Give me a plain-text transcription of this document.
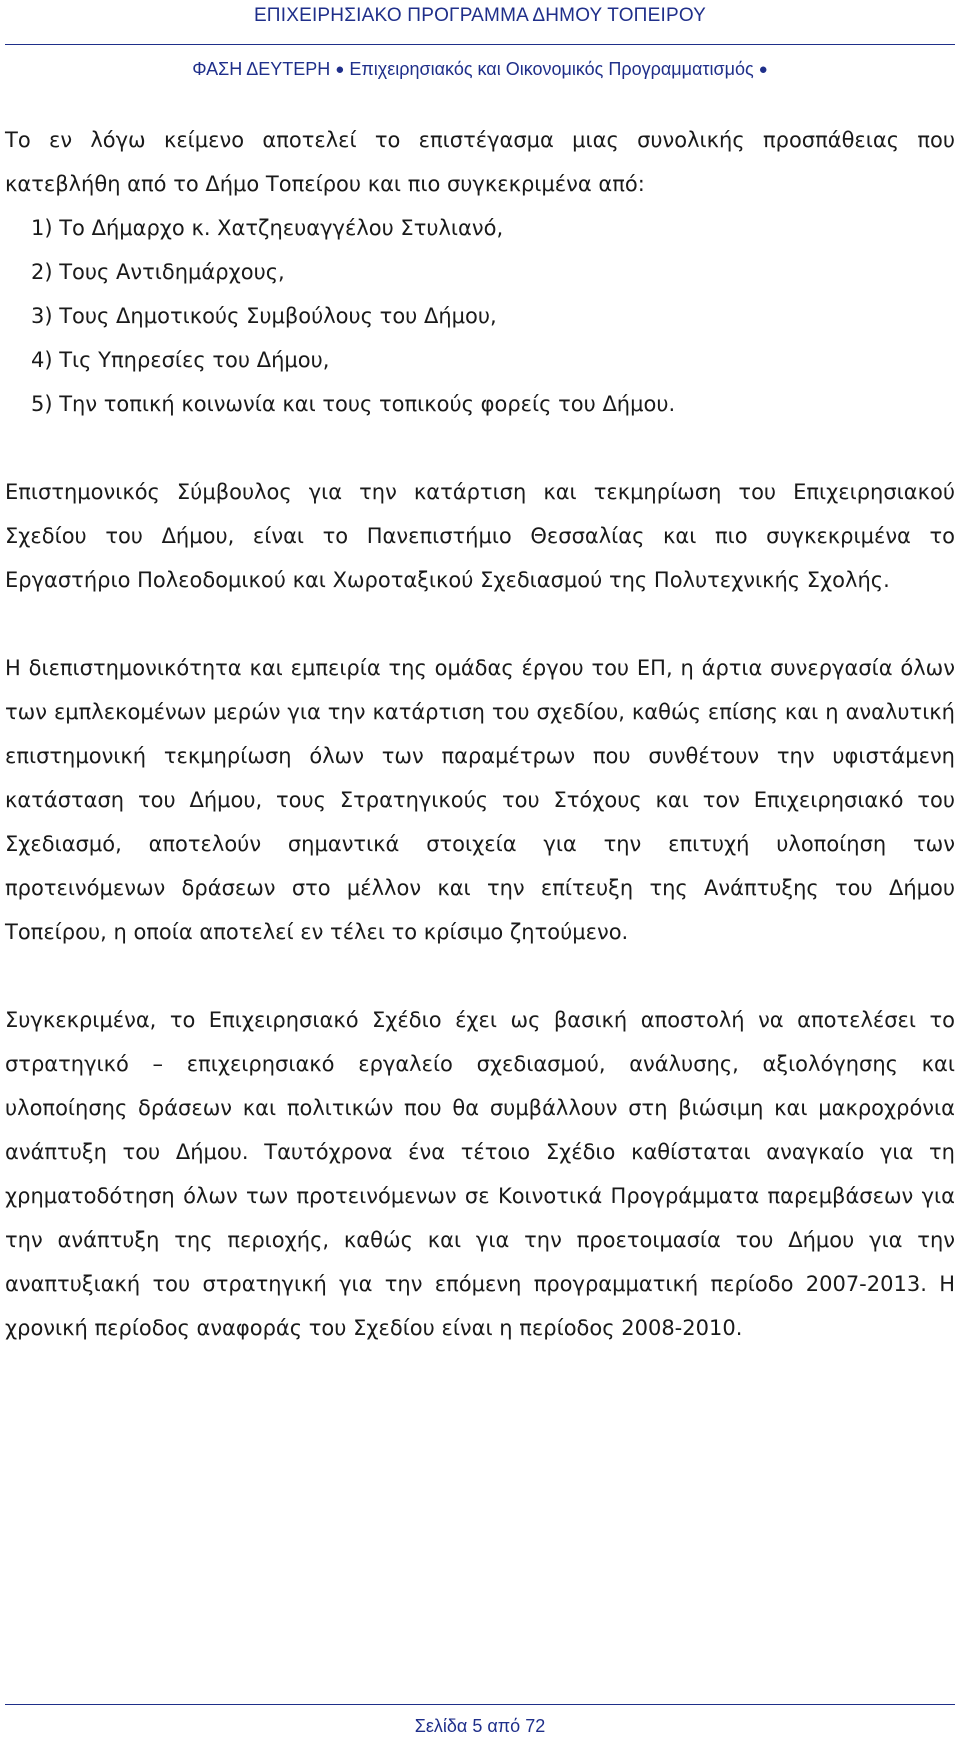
ΕΠΙΧΕΙΡΗΣΙΑΚΟ ΠΡΟΓΡΑΜΜΑ ΔΗΜΟΥ ΤΟΠΕΙΡΟΥ
ΦΑΣΗ ΔΕΥΤΕΡΗ ● Επιχειρησιακός και Οικονομικός Προγραμματισμός ●

Το εν λόγω κείμενο αποτελεί το επιστέγασμα μιας συνολικής προσπάθειας που κατεβλήθη από το Δήμο Τοπείρου και πιο συγκεκριμένα από:

1) Το Δήμαρχο κ. Χατζηευαγγέλου Στυλιανό,
2) Τους Αντιδημάρχους,
3) Τους Δημοτικούς Συμβούλους του Δήμου,
4) Τις Υπηρεσίες του Δήμου,
5) Την τοπική κοινωνία και τους τοπικούς φορείς του Δήμου.

Επιστημονικός Σύμβουλος για την κατάρτιση και τεκμηρίωση του Επιχειρησιακού Σχεδίου του Δήμου, είναι το Πανεπιστήμιο Θεσσαλίας και πιο συγκεκριμένα το Εργαστήριο Πολεοδομικού και Χωροταξικού Σχεδιασμού της Πολυτεχνικής Σχολής.

Η διεπιστημονικότητα και εμπειρία της ομάδας έργου του ΕΠ, η άρτια συνεργασία όλων των εμπλεκομένων μερών για την κατάρτιση του σχεδίου, καθώς επίσης και η αναλυτική επιστημονική τεκμηρίωση όλων των παραμέτρων που συνθέτουν την υφιστάμενη κατάσταση του Δήμου, τους Στρατηγικούς του Στόχους και τον Επιχειρησιακό του Σχεδιασμό, αποτελούν σημαντικά στοιχεία για την επιτυχή υλοποίηση των προτεινόμενων δράσεων στο μέλλον και την επίτευξη της Ανάπτυξης του Δήμου Τοπείρου, η οποία αποτελεί εν τέλει το κρίσιμο ζητούμενο.

Συγκεκριμένα, το Επιχειρησιακό Σχέδιο έχει ως βασική αποστολή να αποτελέσει το στρατηγικό – επιχειρησιακό εργαλείο σχεδιασμού, ανάλυσης, αξιολόγησης και υλοποίησης δράσεων και πολιτικών που θα συμβάλλουν στη βιώσιμη και μακροχρόνια ανάπτυξη του Δήμου. Ταυτόχρονα ένα τέτοιο Σχέδιο καθίσταται αναγκαίο για τη χρηματοδότηση όλων των προτεινόμενων σε Κοινοτικά Προγράμματα παρεμβάσεων για την ανάπτυξη της περιοχής, καθώς και για την προετοιμασία του Δήμου για την αναπτυξιακή του στρατηγική για την επόμενη προγραμματική περίοδο 2007-2013. Η χρονική περίοδος αναφοράς του Σχεδίου είναι η περίοδος 2008-2010.

Σελίδα 5 από 72
